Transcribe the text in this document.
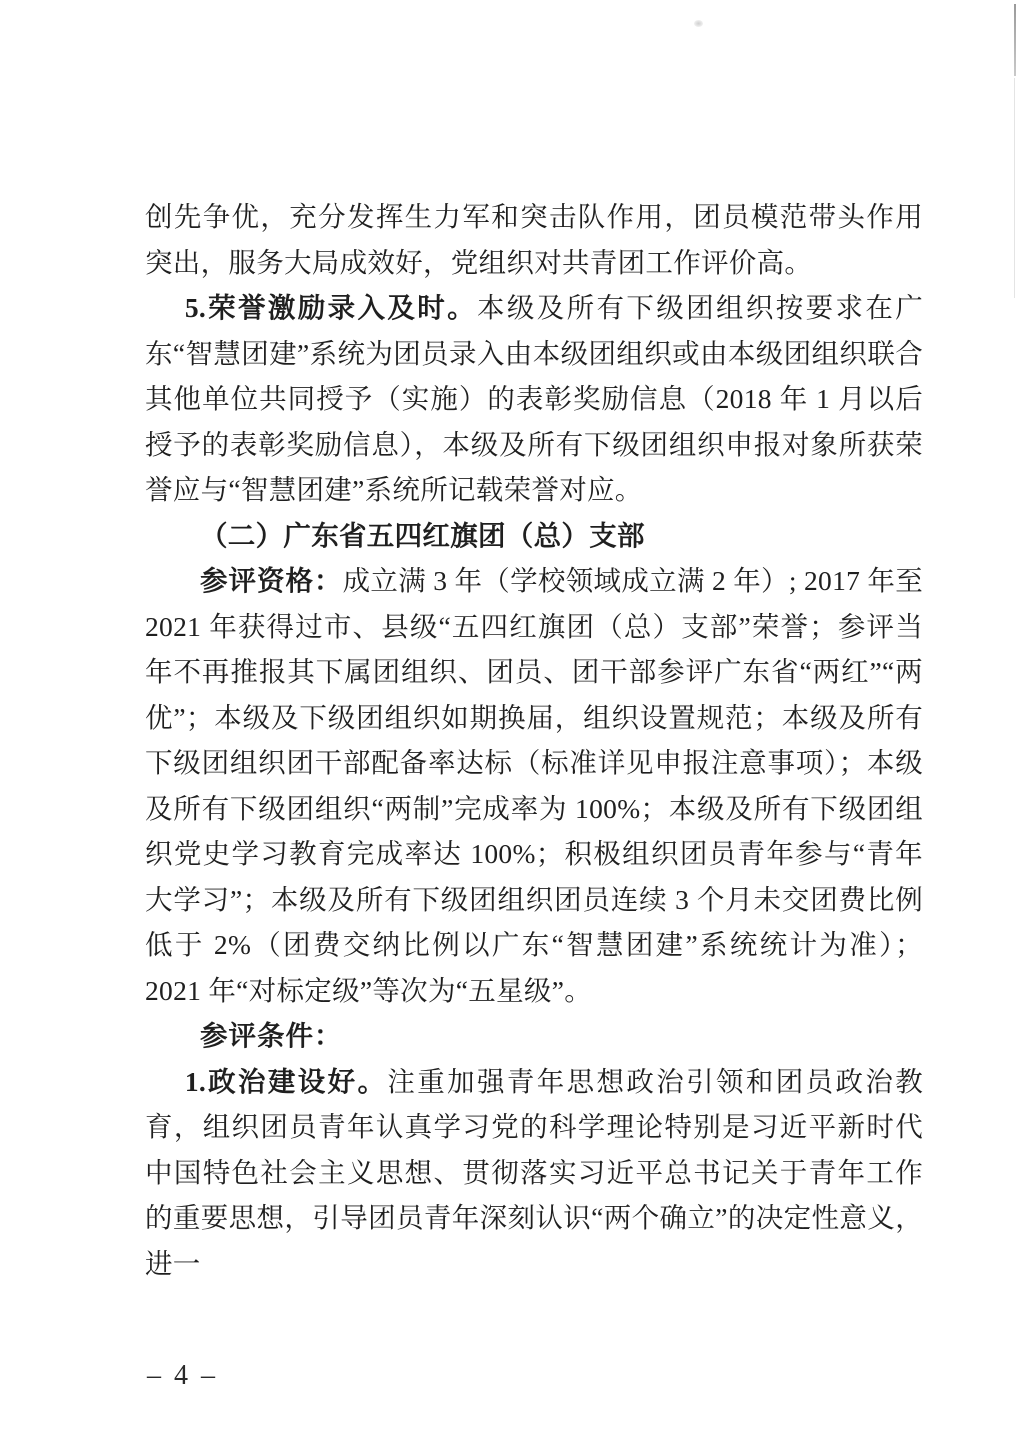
创先争优，充分发挥生力军和突击队作用，团员模范带头作用突出，服务大局成效好，党组织对共青团工作评价高。

5.荣誉激励录入及时。本级及所有下级团组织按要求在广东“智慧团建”系统为团员录入由本级团组织或由本级团组织联合其他单位共同授予（实施）的表彰奖励信息（2018 年 1 月以后授予的表彰奖励信息），本级及所有下级团组织申报对象所获荣誉应与“智慧团建”系统所记载荣誉对应。

（二）广东省五四红旗团（总）支部

参评资格：成立满 3 年（学校领域成立满 2 年）; 2017 年至 2021 年获得过市、县级“五四红旗团（总）支部”荣誉；参评当年不再推报其下属团组织、团员、团干部参评广东省“两红”“两优”；本级及下级团组织如期换届，组织设置规范；本级及所有下级团组织团干部配备率达标（标准详见申报注意事项）；本级及所有下级团组织“两制”完成率为 100%；本级及所有下级团组织党史学习教育完成率达 100%；积极组织团员青年参与“青年大学习”；本级及所有下级团组织团员连续 3 个月未交团费比例低于 2%（团费交纳比例以广东“智慧团建”系统统计为准）；2021 年“对标定级”等次为“五星级”。

参评条件：

1.政治建设好。注重加强青年思想政治引领和团员政治教育，组织团员青年认真学习党的科学理论特别是习近平新时代中国特色社会主义思想、贯彻落实习近平总书记关于青年工作的重要思想，引导团员青年深刻认识“两个确立”的决定性意义，进一

– 4 –
